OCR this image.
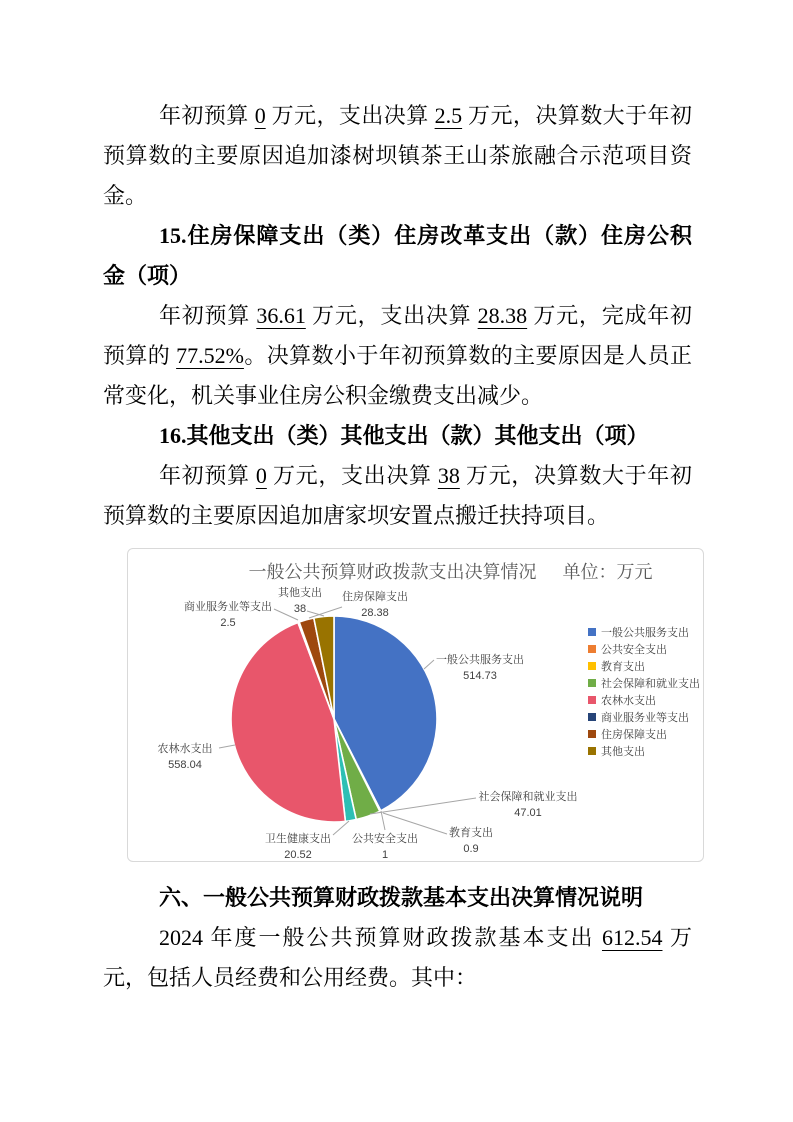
年初预算 0 万元，支出决算 2.5 万元，决算数大于年初预算数的主要原因追加漆树坝镇茶王山茶旅融合示范项目资金。

15.住房保障支出（类）住房改革支出（款）住房公积金（项）

年初预算 36.61 万元，支出决算 28.38 万元，完成年初预算的 77.52%。决算数小于年初预算数的主要原因是人员正常变化，机关事业住房公积金缴费支出减少。

16.其他支出（类）其他支出（款）其他支出（项）

年初预算 0 万元，支出决算 38 万元，决算数大于年初预算数的主要原因追加唐家坝安置点搬迁扶持项目。

一般公共预算财政拨款支出决算情况 单位：万元
一般公共服务支出
514.73
公共安全支出
1
教育支出
0.9
社会保障和就业支出
47.01
卫生健康支出
20.52
农林水支出
558.04
商业服务业等支出
2.5
住房保障支出
28.38
其他支出
38
一般公共服务支出
公共安全支出
教育支出
社会保障和就业支出
农林水支出
商业服务业等支出
住房保障支出
其他支出
六、一般公共预算财政拨款基本支出决算情况说明

2024 年度一般公共预算财政拨款基本支出 612.54 万元，包括人员经费和公用经费。其中：
